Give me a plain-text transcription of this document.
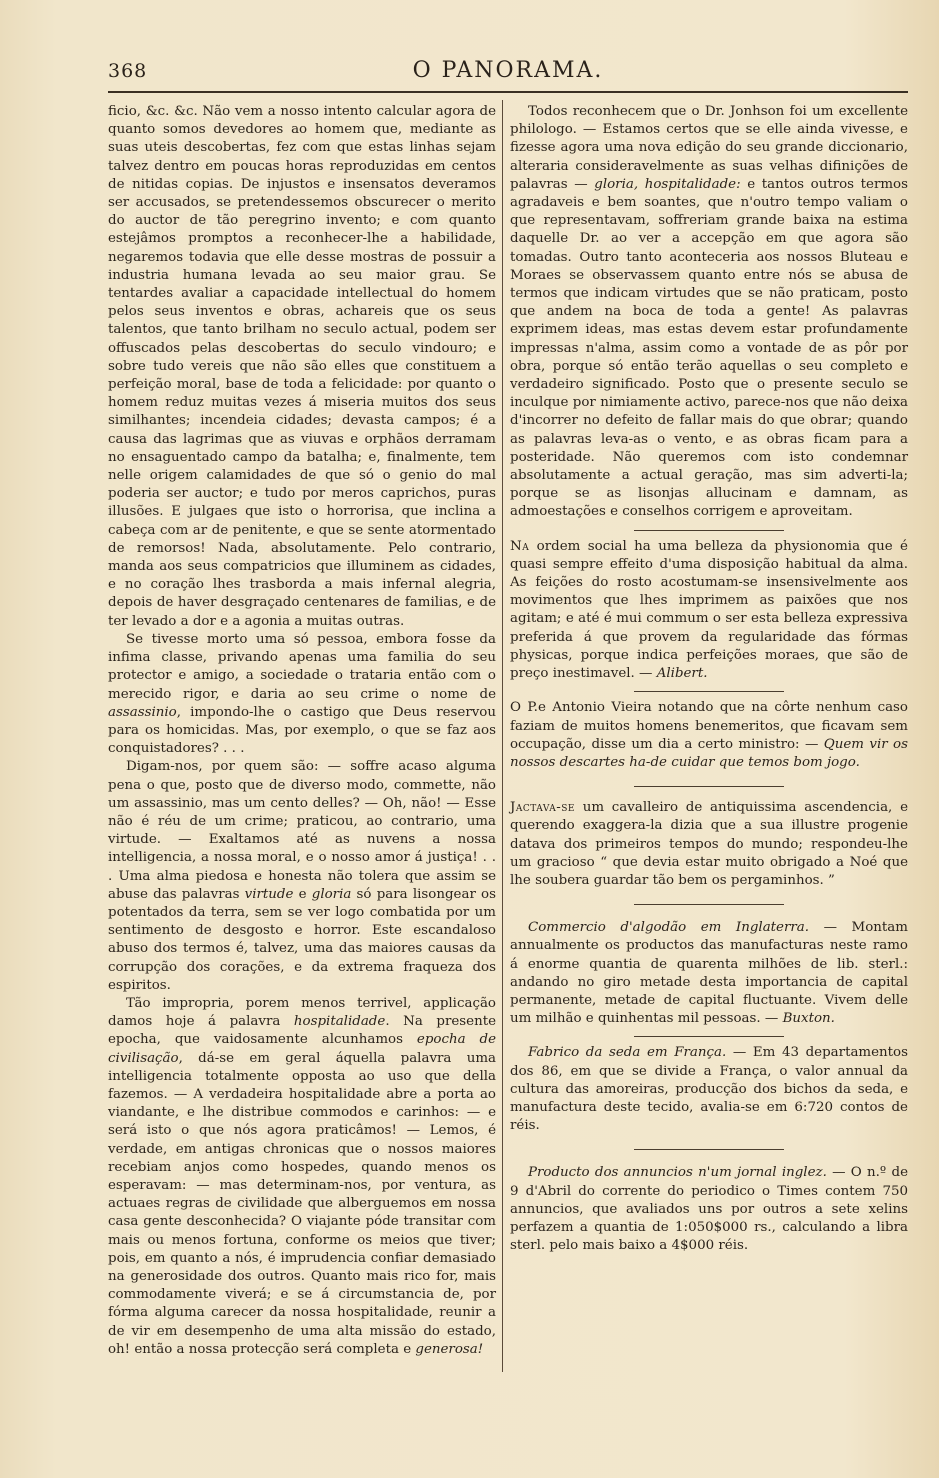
368	O PANORAMA.

ficio, &c. &c. Não vem a nosso intento calcular agora de quanto somos devedores ao homem que, mediante as suas uteis descobertas, fez com que estas linhas sejam talvez dentro em poucas horas reproduzidas em centos de nitidas copias. De injustos e insensatos deveramos ser accusados, se pretendessemos obscurecer o merito do auctor de tão peregrino invento; e com quanto estejâmos promptos a reconhecer-lhe a habilidade, negaremos todavia que elle desse mostras de possuir a industria humana levada ao seu maior grau. Se tentardes avaliar a capacidade intellectual do homem pelos seus inventos e obras, achareis que os seus talentos, que tanto brilham no seculo actual, podem ser offuscados pelas descobertas do seculo vindouro; e sobre tudo vereis que não são elles que constituem a perfeição moral, base de toda a felicidade: por quanto o homem reduz muitas vezes á miseria muitos dos seus similhantes; incendeia cidades; devasta campos; é a causa das lagrimas que as viuvas e orphãos derramam no ensaguentado campo da batalha; e, finalmente, tem nelle origem calamidades de que só o genio do mal poderia ser auctor; e tudo por meros caprichos, puras illusões. E julgaes que isto o horrorisa, que inclina a cabeça com ar de penitente, e que se sente atormentado de remorsos! Nada, absolutamente. Pelo contrario, manda aos seus compatricios que illuminem as cidades, e no coração lhes trasborda a mais infernal alegria, depois de haver desgraçado centenares de familias, e de ter levado a dor e a agonia a muitas outras.

Se tivesse morto uma só pessoa, embora fosse da infima classe, privando apenas uma familia do seu protector e amigo, a sociedade o trataria então com o merecido rigor, e daria ao seu crime o nome de assassinio, impondo-lhe o castigo que Deus reservou para os homicidas. Mas, por exemplo, o que se faz aos conquistadores? . . .

Digam-nos, por quem são: — soffre acaso alguma pena o que, posto que de diverso modo, commette, não um assassinio, mas um cento delles? — Oh, não! — Esse não é réu de um crime; praticou, ao contrario, uma virtude. — Exaltamos até as nuvens a nossa intelligencia, a nossa moral, e o nosso amor á justiça! . . . Uma alma piedosa e honesta não tolera que assim se abuse das palavras virtude e gloria só para lisongear os potentados da terra, sem se ver logo combatida por um sentimento de desgosto e horror. Este escandaloso abuso dos termos é, talvez, uma das maiores causas da corrupção dos corações, e da extrema fraqueza dos espiritos.

Tão impropria, porem menos terrivel, applicação damos hoje á palavra hospitalidade. Na presente epocha, que vaidosamente alcunhamos epocha de civilisação, dá-se em geral áquella palavra uma intelligencia totalmente opposta ao uso que della fazemos. — A verdadeira hospitalidade abre a porta ao viandante, e lhe distribue commodos e carinhos: — e será isto o que nós agora praticâmos! — Lemos, é verdade, em antigas chronicas que o nossos maiores recebiam anjos como hospedes, quando menos os esperavam: — mas determinam-nos, por ventura, as actuaes regras de civilidade que alberguemos em nossa casa gente desconhecida? O viajante póde transitar com mais ou menos fortuna, conforme os meios que tiver; pois, em quanto a nós, é imprudencia confiar demasiado na generosidade dos outros. Quanto mais rico for, mais commodamente viverá; e se á circumstancia de, por fórma alguma carecer da nossa hospitalidade, reunir a de vir em desempenho de uma alta missão do estado, oh! então a nossa protecção será completa e generosa!

Todos reconhecem que o Dr. Jonhson foi um excellente philologo. — Estamos certos que se elle ainda vivesse, e fizesse agora uma nova edição do seu grande diccionario, alteraria consideravelmente as suas velhas difinições de palavras — gloria, hospitalidade: e tantos outros termos agradaveis e bem soantes, que n'outro tempo valiam o que representavam, soffreriam grande baixa na estima daquelle Dr. ao ver a accepção em que agora são tomadas. Outro tanto aconteceria aos nossos Bluteau e Moraes se observassem quanto entre nós se abusa de termos que indicam virtudes que se não praticam, posto que andem na boca de toda a gente! As palavras exprimem ideas, mas estas devem estar profundamente impressas n'alma, assim como a vontade de as pôr por obra, porque só então terão aquellas o seu completo e verdadeiro significado. Posto que o presente seculo se inculque por nimiamente activo, parece-nos que não deixa d'incorrer no defeito de fallar mais do que obrar; quando as palavras leva-as o vento, e as obras ficam para a posteridade. Não queremos com isto condemnar absolutamente a actual geração, mas sim adverti-la; porque se as lisonjas allucinam e damnam, as admoestações e conselhos corrigem e aproveitam.

Na ordem social ha uma belleza da physionomia que é quasi sempre effeito d'uma disposição habitual da alma. As feições do rosto acostumam-se insensivelmente aos movimentos que lhes imprimem as paixões que nos agitam; e até é mui commum o ser esta belleza expressiva preferida á que provem da regularidade das fórmas physicas, porque indica perfeições moraes, que são de preço inestimavel. — Alibert.

O P.e Antonio Vieira notando que na côrte nenhum caso faziam de muitos homens benemeritos, que ficavam sem occupação, disse um dia a certo ministro: — Quem vir os nossos descartes ha-de cuidar que temos bom jogo.

Jactava-se um cavalleiro de antiquissima ascendencia, e querendo exaggera-la dizia que a sua illustre progenie datava dos primeiros tempos do mundo; respondeu-lhe um gracioso “ que devia estar muito obrigado a Noé que lhe soubera guardar tão bem os pergaminhos. ”

Commercio d'algodão em Inglaterra. — Montam annualmente os productos das manufacturas neste ramo á enorme quantia de quarenta milhões de lib. sterl.: andando no giro metade desta importancia de capital permanente, metade de capital fluctuante. Vivem delle um milhão e quinhentas mil pessoas. — Buxton.

Fabrico da seda em França. — Em 43 departamentos dos 86, em que se divide a França, o valor annual da cultura das amoreiras, producção dos bichos da seda, e manufactura deste tecido, avalia-se em 6:720 contos de réis.

Producto dos annuncios n'um jornal inglez. — O n.º de 9 d'Abril do corrente do periodico o Times contem 750 annuncios, que avaliados uns por outros a sete xelins perfazem a quantia de 1:050$000 rs., calculando a libra sterl. pelo mais baixo a 4$000 réis.
